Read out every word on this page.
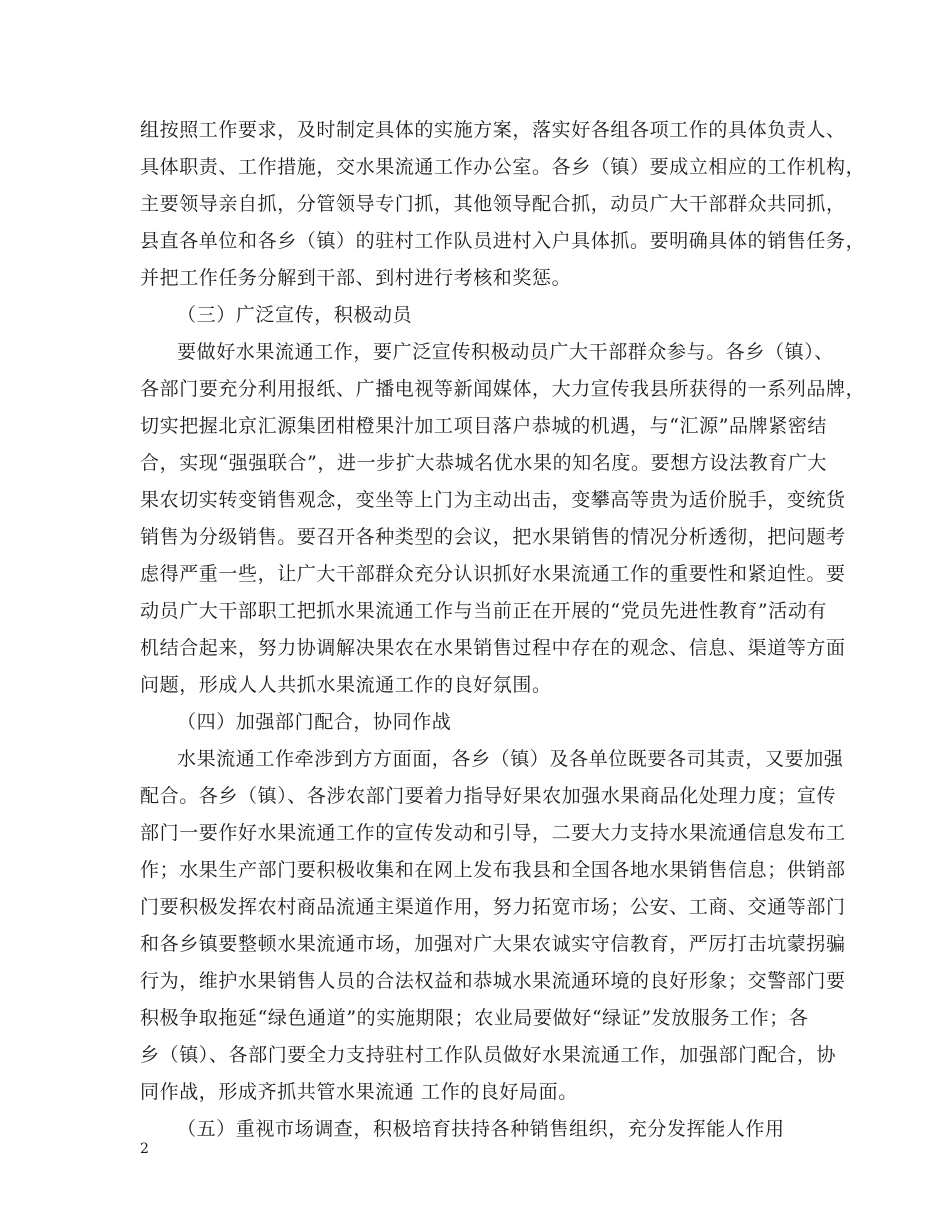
组按照工作要求，及时制定具体的实施方案，落实好各组各项工作的具体负责人、
具体职责、工作措施，交水果流通工作办公室。各乡（镇）要成立相应的工作机构，
主要领导亲自抓，分管领导专门抓，其他领导配合抓，动员广大干部群众共同抓，
县直各单位和各乡（镇）的驻村工作队员进村入户具体抓。要明确具体的销售任务，
并把工作任务分解到干部、到村进行考核和奖惩。
（三）广泛宣传，积极动员
要做好水果流通工作，要广泛宣传积极动员广大干部群众参与。各乡（镇）、
各部门要充分利用报纸、广播电视等新闻媒体，大力宣传我县所获得的一系列品牌，
切实把握北京汇源集团柑橙果汁加工项目落户恭城的机遇，与“汇源”品牌紧密结
合，实现“强强联合”，进一步扩大恭城名优水果的知名度。要想方设法教育广大
果农切实转变销售观念，变坐等上门为主动出击，变攀高等贵为适价脱手，变统货
销售为分级销售。要召开各种类型的会议，把水果销售的情况分析透彻，把问题考
虑得严重一些，让广大干部群众充分认识抓好水果流通工作的重要性和紧迫性。要
动员广大干部职工把抓水果流通工作与当前正在开展的“党员先进性教育”活动有
机结合起来，努力协调解决果农在水果销售过程中存在的观念、信息、渠道等方面
问题，形成人人共抓水果流通工作的良好氛围。
（四）加强部门配合，协同作战
水果流通工作牵涉到方方面面，各乡（镇）及各单位既要各司其责，又要加强
配合。各乡（镇）、各涉农部门要着力指导好果农加强水果商品化处理力度；宣传
部门一要作好水果流通工作的宣传发动和引导，二要大力支持水果流通信息发布工
作；水果生产部门要积极收集和在网上发布我县和全国各地水果销售信息；供销部
门要积极发挥农村商品流通主渠道作用，努力拓宽市场；公安、工商、交通等部门
和各乡镇要整顿水果流通市场，加强对广大果农诚实守信教育，严厉打击坑蒙拐骗
行为，维护水果销售人员的合法权益和恭城水果流通环境的良好形象；交警部门要
积极争取拖延“绿色通道”的实施期限；农业局要做好“绿证”发放服务工作；各
乡（镇）、各部门要全力支持驻村工作队员做好水果流通工作，加强部门配合，协
同作战，形成齐抓共管水果流通 工作的良好局面。
（五）重视市场调查，积极培育扶持各种销售组织，充分发挥能人作用
2
